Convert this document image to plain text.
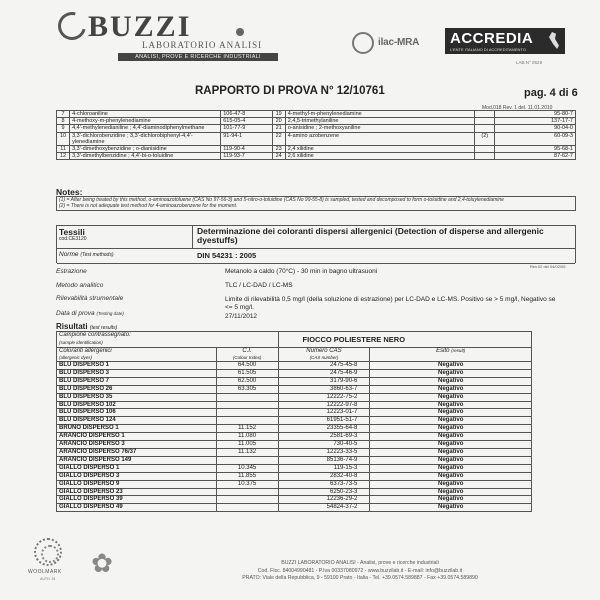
BUZZI
LABORATORIO ANALISI
ANALISI, PROVE E RICERCHE INDUSTRIALI
ilac-MRA ACCREDIA
L'ENTE ITALIANO DI ACCREDITAMENTO
LAB N° 0529
RAPPORTO DI PROVA N° 12/10761	pag. 4 di 6
Mod.018 Rev. 1 del. 11.01.2010
7	4-chloroaniline	106-47-8	19	4-methyl-m-phenylenediamine		95-80-7
8	4-methoxy-m-phenylenediamine	615-05-4	20	2,4,5-trimethylaniline		137-17-7
9	4,4'-methylenedianiline ; 4,4'-diaminodiphenylmethane	101-77-9	21	o-anisidine ; 2-methoxyaniline		90-04-0
10	3,3'-dichlorobenzidine ; 3,3'-dichlorobiphenyl-4,4'-ylenediamine	91-94-1	22	4-amino azobenzene	(2)	60-09-3
11	3,3'-dimethoxybenzidine ; o-dianisidine	119-90-4	23	2,4 xilidine		95-68-1
12	3,3'-dimethylbenzidine ; 4,4'-bi-o-toluidine	119-93-7	24	2,6 xilidine		87-62-7
Notes:
(1) = After being treated by this method, o-aminoazotoluene (CAS No 97-56-3) and 5-nitro-o-toluidine (CAS No 99-55-8) is sampled, tested and decomposed to form o-toluidine and 2,4-toluylenediamine
(2) = There is not adequate test method for 4-aminoazobenzene for the moment.
Tessili
cod.CE3120
Determinazione dei coloranti dispersi allergenici (Detection of disperse and allergenic dyestuffs)
Norme (Test methods)	DIN 54231 : 2005
Rev.02 del 04/02/05
Estrazione	Metanolo a caldo (70°C) - 30 min in bagno ultrasuoni
Metodo analitico	TLC / LC-DAD / LC-MS
Rilevabilità strumentale	Limite di rilevabilità 0,5 mg/l (della soluzione di estrazione) per LC-DAD e LC-MS. Positivo se > 5 mg/l, Negativo se <= 5 mg/l.
Data di prova (Testing date)	27/11/2012
Risultati (test results)
Campione contrassegnato:
(sample identification)		FIOCCO POLIESTERE NERO	
Coloranti allergenici
(allergenic dyes)	C.I.
(Colour Index)	Numero CAS
(CAS number)	Esito (result)
BLU DISPERSO 1	64.500	2475-45-8	Negativo
BLU DISPERSO 3	61.505	2475-46-9	Negativo
BLU DISPERSO 7	62.500	3179-90-6	Negativo
BLU DISPERSO 26	63.305	3860-63-7	Negativo
BLU DISPERSO 35		12222-75-2	Negativo
BLU DISPERSO 102		12222-97-8	Negativo
BLU DISPERSO 106		12223-01-7	Negativo
BLU DISPERSO 124		61951-51-7	Negativo
BRUNO DISPERSO 1	11.152	23355-64-8	Negativo
ARANCIO DISPERSO 1	11.080	2581-69-3	Negativo
ARANCIO DISPERSO 3	11.005	730-40-5	Negativo
ARANCIO DISPERSO 76/37	11.132	12223-33-5	Negativo
ARANCIO DISPERSO 149		85136-74-9	Negativo
GIALLO DISPERSO 1	10.345	119-15-3	Negativo
GIALLO DISPERSO 3	11.855	2832-40-8	Negativo
GIALLO DISPERSO 9	10.375	6373-73-5	Negativo
GIALLO DISPERSO 23		6250-23-3	Negativo
GIALLO DISPERSO 39		12236-29-2	Negativo
GIALLO DISPERSO 49		54824-37-2	Negativo
WOOLMARK
AUTH. 24
✿	BUZZI LABORATORIO ANALISI - Analisi, prove e ricerche industriali
Cod. Fisc. 84004990481 - P.Iva 00337080972 - www.buzzilab.it - E-mail: info@buzzilab.it
PRATO: Viale della Repubblica, 9 - 59100 Prato - Italia - Tel. +39.0574.589887 - Fax +39.0574.589890
